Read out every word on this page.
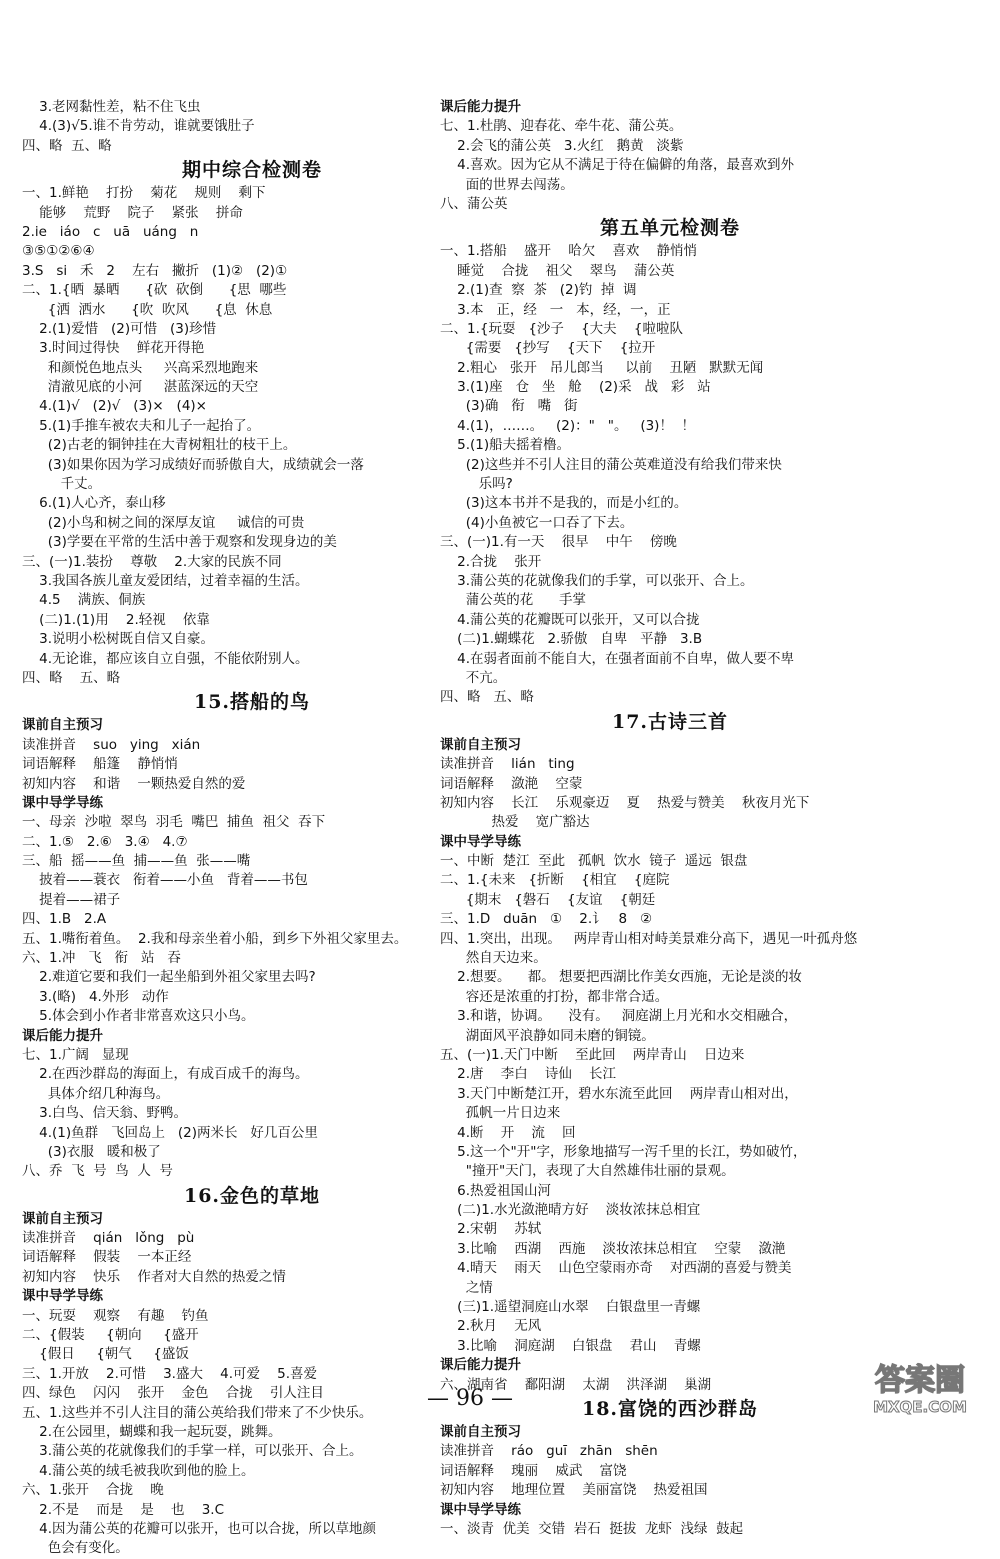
3.老网黏性差，粘不住飞虫
4.(3)√5.谁不肯劳动，谁就要饿肚子
四、略  五、略
期中综合检测卷
一、1.鲜艳    打扮    菊花    规则    剩下
能够    荒野    院子    紧张    拼命
2.ie   iáo   c   uā   uáng   n
③⑤①②⑥④
3.S   si   禾   2    左右   撇折   (1)②   (2)①
二、1.{晒  暴晒      {砍  砍倒      {思  哪些
{洒  洒水      {吹  吹风      {息  休息
2.(1)爱惜   (2)可惜   (3)珍惜
3.时间过得快    鲜花开得艳
和颜悦色地点头     兴高采烈地跑来
清澈见底的小河     湛蓝深远的天空
4.(1)√   (2)√   (3)×   (4)×
5.(1)手推车被农夫和儿子一起抬了。
(2)古老的铜钟挂在大青树粗壮的枝干上。
(3)如果你因为学习成绩好而骄傲自大，成绩就会一落
千丈。
6.(1)人心齐，泰山移
(2)小鸟和树之间的深厚友谊     诚信的可贵
(3)学要在平常的生活中善于观察和发现身边的美
三、(一)1.装扮    尊敬    2.大家的民族不同
3.我国各族儿童友爱团结，过着幸福的生活。
4.5    满族、侗族
(二)1.(1)用    2.轻视    依靠
3.说明小松树既自信又自豪。
4.无论谁，都应该自立自强，不能依附别人。
四、略    五、略
15.搭船的鸟
课前自主预习
读准拼音    suo   ying   xián
词语解释    船篷    静悄悄
初知内容    和谐    一颗热爱自然的爱
课中导学导练
一、母亲  沙啦  翠鸟  羽毛  嘴巴  捕鱼  祖父  吞下
二、1.⑤   2.⑥   3.④   4.⑦
三、船  摇——鱼  捕——鱼  张——嘴
披着——蓑衣   衔着——小鱼   背着——书包
提着——裙子
四、1.B   2.A
五、1.嘴衔着鱼。  2.我和母亲坐着小船，到乡下外祖父家里去。
六、1.冲   飞   衔   站   吞
2.难道它要和我们一起坐船到外祖父家里去吗?
3.(略)   4.外形   动作
5.体会到小作者非常喜欢这只小鸟。
课后能力提升
七、1.广阔   显现
2.在西沙群岛的海面上，有成百成千的海鸟。
具体介绍几种海鸟。
3.白鸟、信天翁、野鸭。
4.(1)鱼群   飞回岛上   (2)两米长   好几百公里
(3)衣服   暖和极了
八、乔  飞  号  鸟  人  号
16.金色的草地
课前自主预习
读准拼音    qián   lǒng   pù
词语解释    假装    一本正经
初知内容    快乐    作者对大自然的热爱之情
课中导学导练
一、玩耍    观察    有趣    钓鱼
二、{假装     {朝向     {盛开
{假日     {朝气     {盛饭
三、1.开放    2.可惜    3.盛大    4.可爱    5.喜爱
四、绿色    闪闪    张开    金色    合拢    引人注目
五、1.这些并不引人注目的蒲公英给我们带来了不少快乐。
2.在公园里，蝴蝶和我一起玩耍，跳舞。
3.蒲公英的花就像我们的手掌一样，可以张开、合上。
4.蒲公英的绒毛被我吹到他的脸上。
六、1.张开    合拢    晚
2.不是    而是    是    也    3.C
4.因为蒲公英的花瓣可以张开，也可以合拢，所以草地颜
色会有变化。
课后能力提升
七、1.杜鹃、迎春花、牵牛花、蒲公英。
2.会飞的蒲公英   3.火红   鹅黄   淡紫
4.喜欢。因为它从不满足于待在偏僻的角落，最喜欢到外
面的世界去闯荡。
八、蒲公英
第五单元检测卷
一、1.搭船    盛开    哈欠    喜欢    静悄悄
睡觉    合拢    祖父    翠鸟    蒲公英
2.(1)查  察  茶   (2)钓  掉  调
3.本   正，经   一   本，经，一，正
二、1.{玩耍   {沙子    {大夫    {啦啦队
{需要   {抄写    {天下    {拉开
2.粗心   张开   吊儿郎当     以前    丑陋   默默无闻
3.(1)座   仓   坐   舱    (2)采   战   彩   站
(3)确   衔   嘴   街
4.(1)，……。   (2)："   "。   (3)！  ！
5.(1)船夫摇着橹。
(2)这些并不引人注目的蒲公英难道没有给我们带来快
乐吗?
(3)这本书并不是我的，而是小红的。
(4)小鱼被它一口吞了下去。
三、(一)1.有一天    很早    中午    傍晚
2.合拢    张开
3.蒲公英的花就像我们的手掌，可以张开、合上。
蒲公英的花      手掌
4.蒲公英的花瓣既可以张开，又可以合拢
(二)1.蝴蝶花   2.骄傲   自卑   平静   3.B
4.在弱者面前不能自大，在强者面前不自卑，做人要不卑
不亢。
四、略   五、略
17.古诗三首
课前自主预习
读准拼音    lián   ting
词语解释    潋滟    空蒙
初知内容    长江    乐观豪迈    夏    热爱与赞美    秋夜月光下
热爱    宽广豁达
课中导学导练
一、中断  楚江  至此   孤帆  饮水  镜子  遥远  银盘
二、1.{未来   {折断    {相宜    {庭院
{期末   {磐石    {友谊    {朝廷
三、1.D   duān   ①    2.讠   8   ②
四、1.突出，出现。   两岸青山相对峙美景难分高下，遇见一叶孤舟悠
然自天边来。
2.想要。    都。 想要把西湖比作美女西施，无论是淡的妆
容还是浓重的打扮，都非常合适。
3.和谐，协调。    没有。   洞庭湖上月光和水交相融合，
湖面风平浪静如同未磨的铜镜。
五、(一)1.天门中断    至此回    两岸青山    日边来
2.唐    李白    诗仙    长江
3.天门中断楚江开，碧水东流至此回    两岸青山相对出，
孤帆一片日边来
4.断    开    流    回
5.这一个"开"字，形象地描写一泻千里的长江，势如破竹，
"撞开"天门，表现了大自然雄伟壮丽的景观。
6.热爱祖国山河
(二)1.水光潋滟晴方好    淡妆浓抹总相宜
2.宋朝    苏轼
3.比喻    西湖    西施    淡妆浓抹总相宜    空蒙    潋滟
4.晴天    雨天    山色空蒙雨亦奇    对西湖的喜爱与赞美
之情
(三)1.遥望洞庭山水翠    白银盘里一青螺
2.秋月    无风
3.比喻    洞庭湖    白银盘    君山    青螺
课后能力提升
六、湖南省    鄱阳湖    太湖    洪泽湖    巢湖
18.富饶的西沙群岛
课前自主预习
读准拼音    ráo   guī   zhān   shēn
词语解释    瑰丽    威武    富饶
初知内容    地理位置    美丽富饶    热爱祖国
课中导学导练
一、淡青  优美  交错  岩石  挺拔  龙虾  浅绿  鼓起
— 96 —
答案圈
MXQE.COM
